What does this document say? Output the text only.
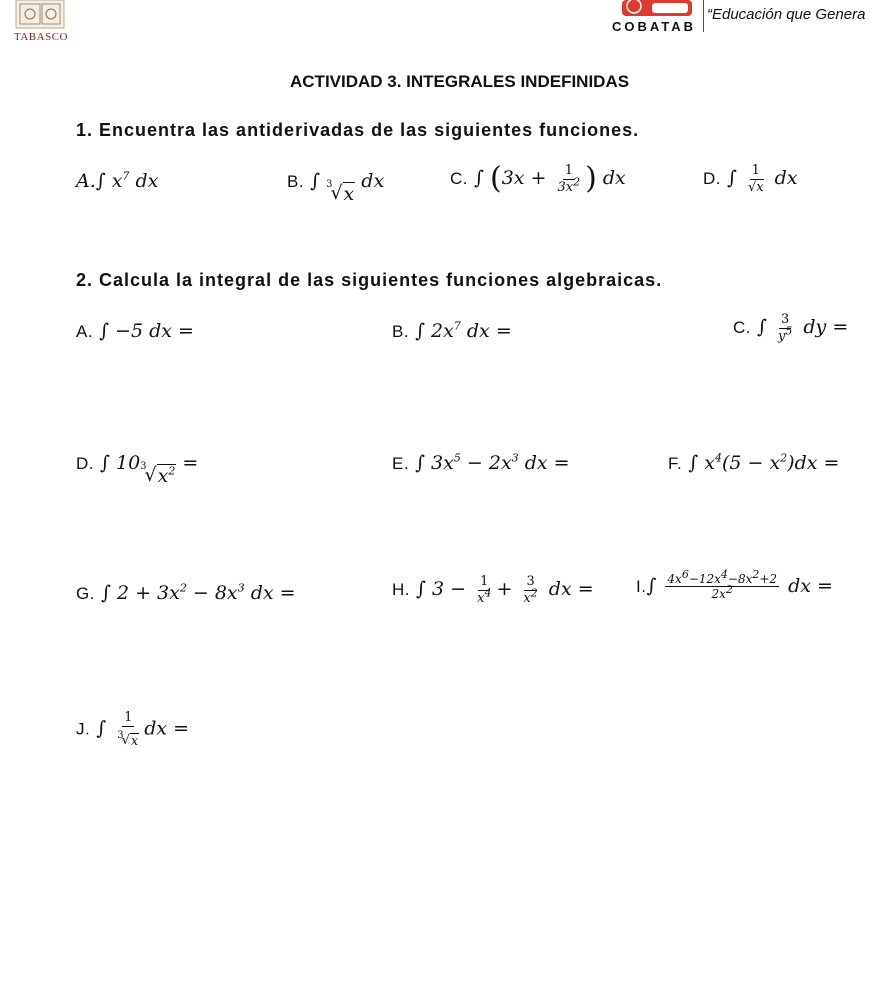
TABASCO
COBATAB
“Educación que Genera
ACTIVIDAD 3. INTEGRALES INDEFINIDAS
1. Encuentra las antiderivadas de las siguientes funciones.
A.∫ $x^7$ dx	B. ∫ 3
√ x
dx	C. ∫ ($3x + \frac{1}{3x^2}$ ) dx	D. ∫ $\frac{1}{√x}$ dx
2. Calcula la integral de las siguientes funciones algebraicas.
A. ∫ −5 dx =	B. ∫ $2x^7$ dx =	C. ∫ $\frac{3}{y^5}$ dy =
D. ∫ 10 3
√ $x^2$ =	E. ∫ $3x^5 - 2x^3$ dx =	F. ∫ $x^4(5 - x^2)dx$ =
G. ∫ $2 + 3x^2 - 8x^3$ dx =	H. ∫ $3 - \frac{1}{x^4} + \frac{3}{x^2}$ dx = $I.\int \frac{4x^6-12x^4-8x^2+2}{2x^2}$ dx =
J. ∫ 1
3
√ x dx =
∫ x⁷ dx ∫ ∛x dx ∫ (3x + 1/(3x²)) dx ∫ 1/√x dx ∫ −5 dx = ∫ 2x⁷ dx = ∫ 3/y⁵ dy = ∫ 10∛(x²) = ∫ 3x⁵ − 2x³ dx = ∫ x⁴(5 − x²)dx = ∫ 2 + 3x² − 8x³ dx = ∫ 3 − 1/x⁴ + 3/x² dx = ∫ (4x⁶ − 12x⁴ − 8x² + 2)/(2x²) dx = ∫ 1/∛x dx =
